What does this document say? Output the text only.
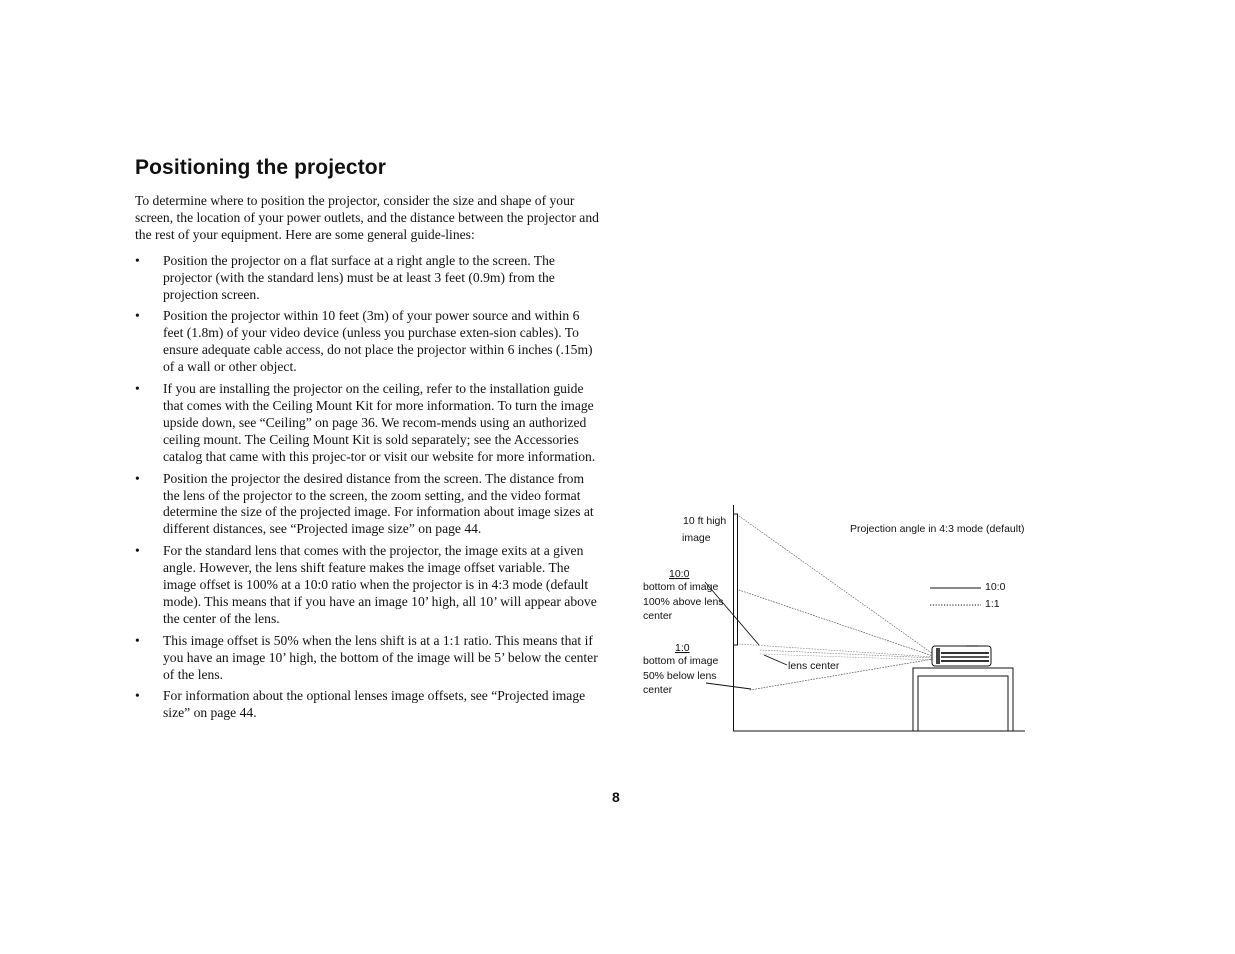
Positioning the projector

To determine where to position the projector, consider the size and shape of your screen, the location of your power outlets, and the distance between the projector and the rest of your equipment. Here are some general guide-lines:

• Position the projector on a flat surface at a right angle to the screen. The projector (with the standard lens) must be at least 3 feet (0.9m) from the projection screen.
• Position the projector within 10 feet (3m) of your power source and within 6 feet (1.8m) of your video device (unless you purchase exten-sion cables). To ensure adequate cable access, do not place the projector within 6 inches (.15m) of a wall or other object.
• If you are installing the projector on the ceiling, refer to the installation guide that comes with the Ceiling Mount Kit for more information. To turn the image upside down, see “Ceiling” on page 36. We recom-mends using an authorized ceiling mount. The Ceiling Mount Kit is sold separately; see the Accessories catalog that came with this projec-tor or visit our website for more information.
• Position the projector the desired distance from the screen. The distance from the lens of the projector to the screen, the zoom setting, and the video format determine the size of the projected image. For information about image sizes at different distances, see “Projected image size” on page 44.
• For the standard lens that comes with the projector, the image exits at a given angle. However, the lens shift feature makes the image offset variable. The image offset is 100% at a 10:0 ratio when the projector is in 4:3 mode (default mode). This means that if you have an image 10’ high, all 10’ will appear above the center of the lens.
• This image offset is 50% when the lens shift is at a 1:1 ratio. This means that if you have an image 10’ high, the bottom of the image will be 5’ below the center of the lens.
• For information about the optional lenses image offsets, see “Projected image size” on page 44.
8
10 ft high
image
10:0
bottom of image
100% above lens
center
1:0
bottom of image
50% below lens
center
lens center
Projection angle in 4:3 mode (default)
10:0
1:1
